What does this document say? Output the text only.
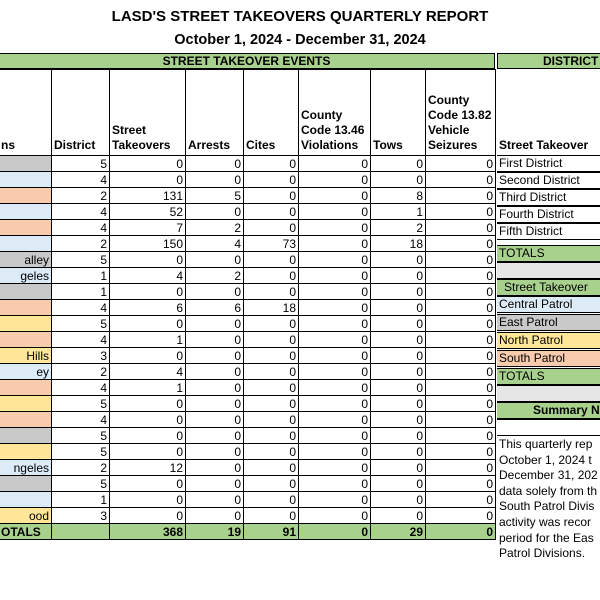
LASD'S STREET TAKEOVERS QUARTERLY REPORT
October 1, 2024 - December 31, 2024
STREET TAKEOVER EVENTS	DISTRICT
ns	District	Street Takeovers	Arrests	Cites	County Code 13.46 Violations	Tows	County Code 13.82 Vehicle Seizures
	5	0	0	0	0	0	0
	4	0	0	0	0	0	0
	2	131	5	0	0	8	0
	4	52	0	0	0	1	0
	4	7	2	0	0	2	0
	2	150	4	73	0	18	0
alley	5	0	0	0	0	0	0
geles	1	4	2	0	0	0	0
	1	0	0	0	0	0	0
	4	6	6	18	0	0	0
	5	0	0	0	0	0	0
	4	1	0	0	0	0	0
Hills	3	0	0	0	0	0	0
ey	2	4	0	0	0	0	0
	4	1	0	0	0	0	0
	5	0	0	0	0	0	0
	4	0	0	0	0	0	0
	5	0	0	0	0	0	0
	5	0	0	0	0	0	0
ngeles	2	12	0	0	0	0	0
	5	0	0	0	0	0	0
	1	0	0	0	0	0	0
ood	3	0	0	0	0	0	0
OTALS		368	19	91	0	29	0
Street Takeover
First District
Second District
Third District
Fourth District
Fifth District
TOTALS
Street Takeover
Central Patrol
East Patrol
North Patrol
South Patrol
TOTALS
Summary N
This quarterly rep
October 1, 2024 t
December 31, 202
data solely from th
South Patrol Divis
activity was recor
period for the Eas
Patrol Divisions.
